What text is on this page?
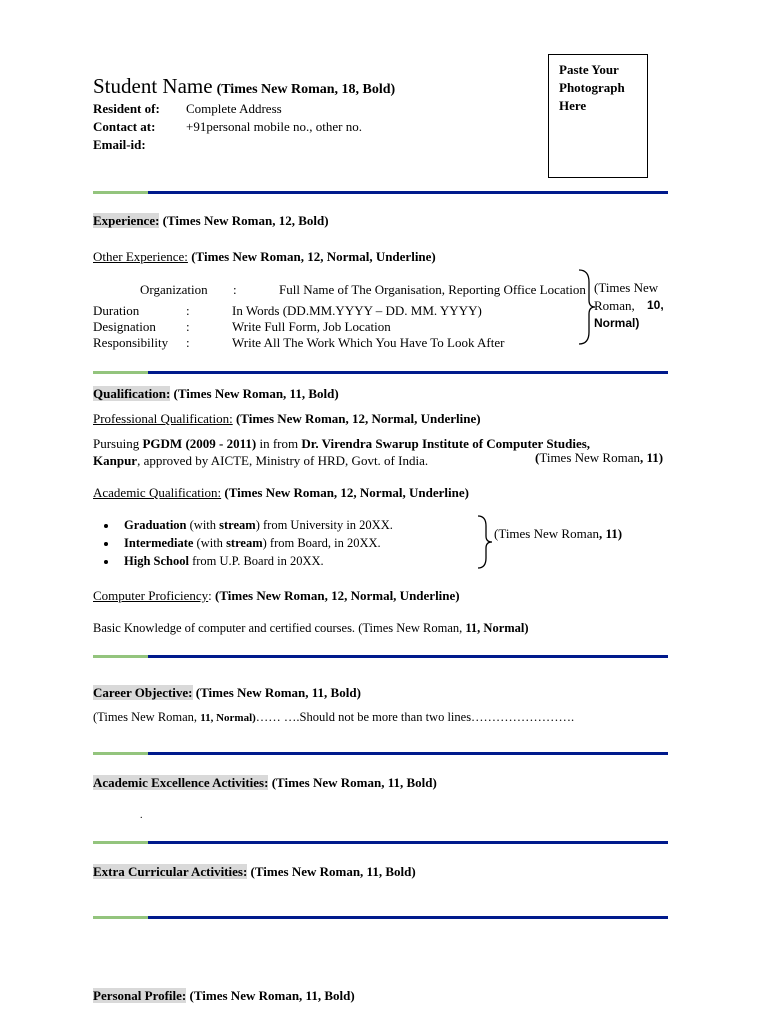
Student Name (Times New Roman, 18, Bold)
Resident of: Complete Address
Contact at: +91personal mobile no., other no.
Email-id:
Paste Your
Photograph
Here
Experience: (Times New Roman, 12, Bold)
Other Experience: (Times New Roman, 12, Normal, Underline)
Organization :	Full Name of The Organisation, Reporting Office Location
Duration	:	In Words (DD.MM.YYYY – DD. MM. YYYY)
Designation :	Write Full Form, Job Location
Responsibility :	Write All The Work Which You Have To Look After
(Times New Roman,	10,
Normal)
Qualification: (Times New Roman, 11, Bold)
Professional Qualification: (Times New Roman, 12, Normal, Underline)
Pursuing PGDM (2009 - 2011) in from Dr. Virendra Swarup Institute of Computer Studies,
Kanpur, approved by AICTE, Ministry of HRD, Govt. of India.	(Times New Roman, 11)
Academic Qualification: (Times New Roman, 12, Normal, Underline)
• Graduation (with stream) from University in 20XX.
• Intermediate (with stream) from Board, in 20XX.
• High School from U.P. Board in 20XX.
(Times New Roman, 11)
Computer Proficiency: (Times New Roman, 12, Normal, Underline)
Basic Knowledge of computer and certified courses. (Times New Roman, 11, Normal)
Career Objective: (Times New Roman, 11, Bold)
(Times New Roman, 11, Normal)…… ….Should not be more than two lines…………………….
Academic Excellence Activities: (Times New Roman, 11, Bold)
.
Extra Curricular Activities: (Times New Roman, 11, Bold)
Personal Profile: (Times New Roman, 11, Bold)
